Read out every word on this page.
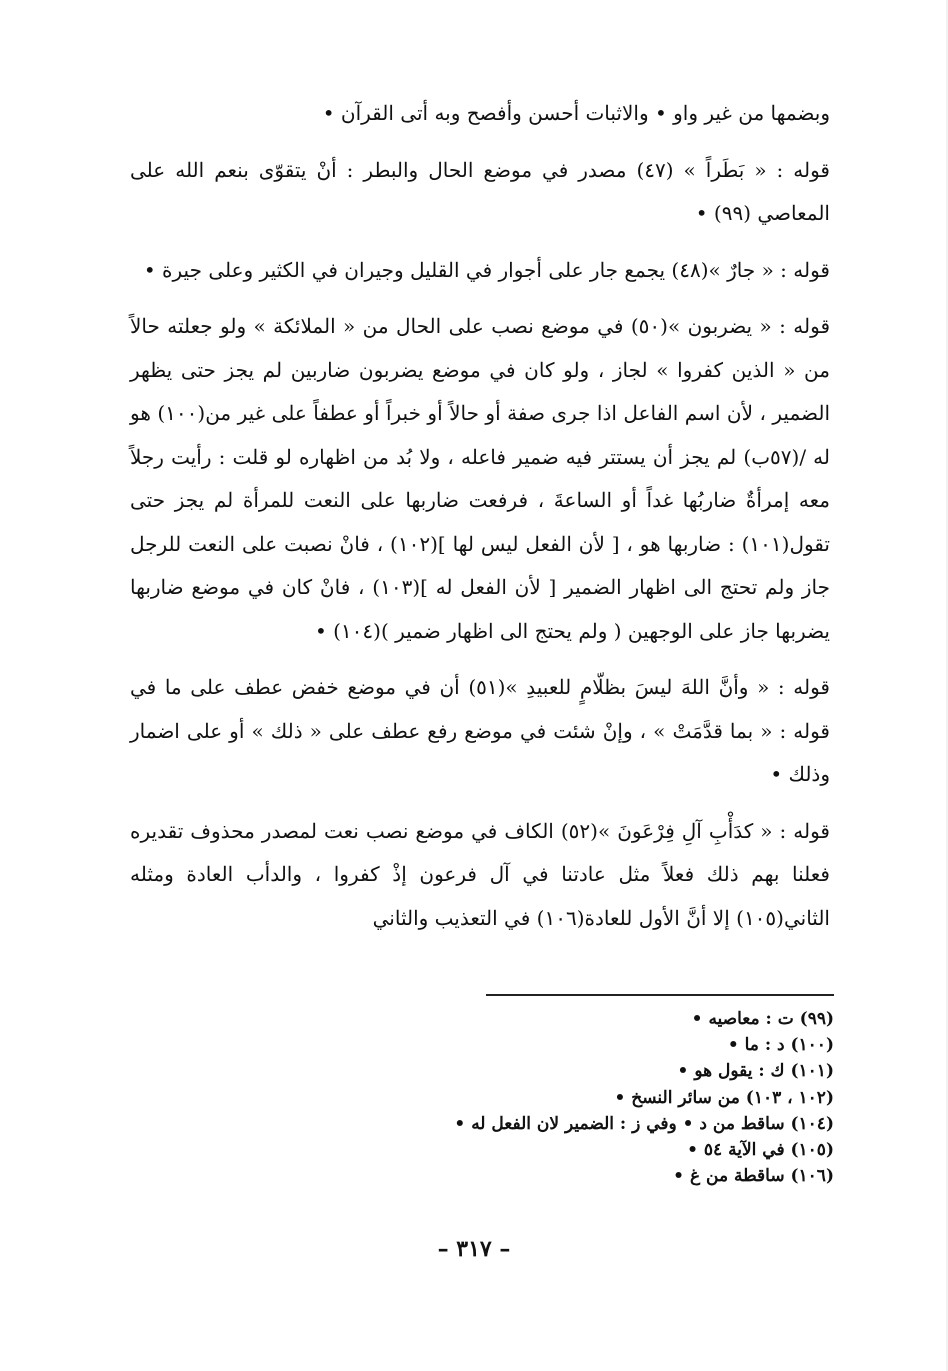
وبضمها من غير واو • والاثبات أحسن وأفصح وبه أتى القرآن •

قوله : « بَطَراً » (٤٧) مصدر في موضع الحال والبطر : أنْ يتقوّى بنعم الله على المعاصي (٩٩) •

قوله : « جارٌ »(٤٨) يجمع جار على أجوار في القليل وجيران في الكثير وعلى جيرة •

قوله : « يضربون »(٥٠) في موضع نصب على الحال من « الملائكة » ولو جعلته حالاً من « الذين كفروا » لجاز ، ولو كان في موضع يضربون ضاربين لم يجز حتى يظهر الضمير ، لأن اسم الفاعل اذا جرى صفة أو حالاً أو خبراً أو عطفاً على غير من(١٠٠) هو له /(٥٧ب) لم يجز أن يستتر فيه ضمير فاعله ، ولا بُد من اظهاره لو قلت : رأيت رجلاً معه إمرأةٌ ضاربُها غداً أو الساعةَ ، فرفعت ضاربها على النعت للمرأة لم يجز حتى تقول(١٠١) : ضاربها هو ، [ لأن الفعل ليس لها ](١٠٢) ، فانْ نصبت على النعت للرجل جاز ولم تحتج الى اظهار الضمير [ لأن الفعل له ](١٠٣) ، فانْ كان في موضع ضاربها يضربها جاز على الوجهين ( ولم يحتج الى اظهار ضمير )(١٠٤) •

قوله : « وأنَّ اللهَ ليسَ بظلّامٍ للعبيدِ »(٥١) أن في موضع خفض عطف على ما في قوله : « بما قدَّمَتْ » ، وإنْ شئت في موضع رفع عطف على « ذلك » أو على اضمار وذلك •

قوله : « كدَأْبِ آلِ فِرْعَونَ »(٥٢) الكاف في موضع نصب نعت لمصدر محذوف تقديره فعلنا بهم ذلك فعلاً مثل عادتنا في آل فرعون إذْ كفروا ، والدأب العادة ومثله الثاني(١٠٥) إلا أنَّ الأول للعادة(١٠٦) في التعذيب والثاني

(٩٩) ت : معاصيه •
(١٠٠) د : ما •
(١٠١) ك : يقول هو •
(١٠٢ ، ١٠٣) من سائر النسخ •
(١٠٤) ساقط من د • وفي ز : الضمير لان الفعل له •
(١٠٥) في الآية ٥٤ •
(١٠٦) ساقطة من غ •
– ٣١٧ –
